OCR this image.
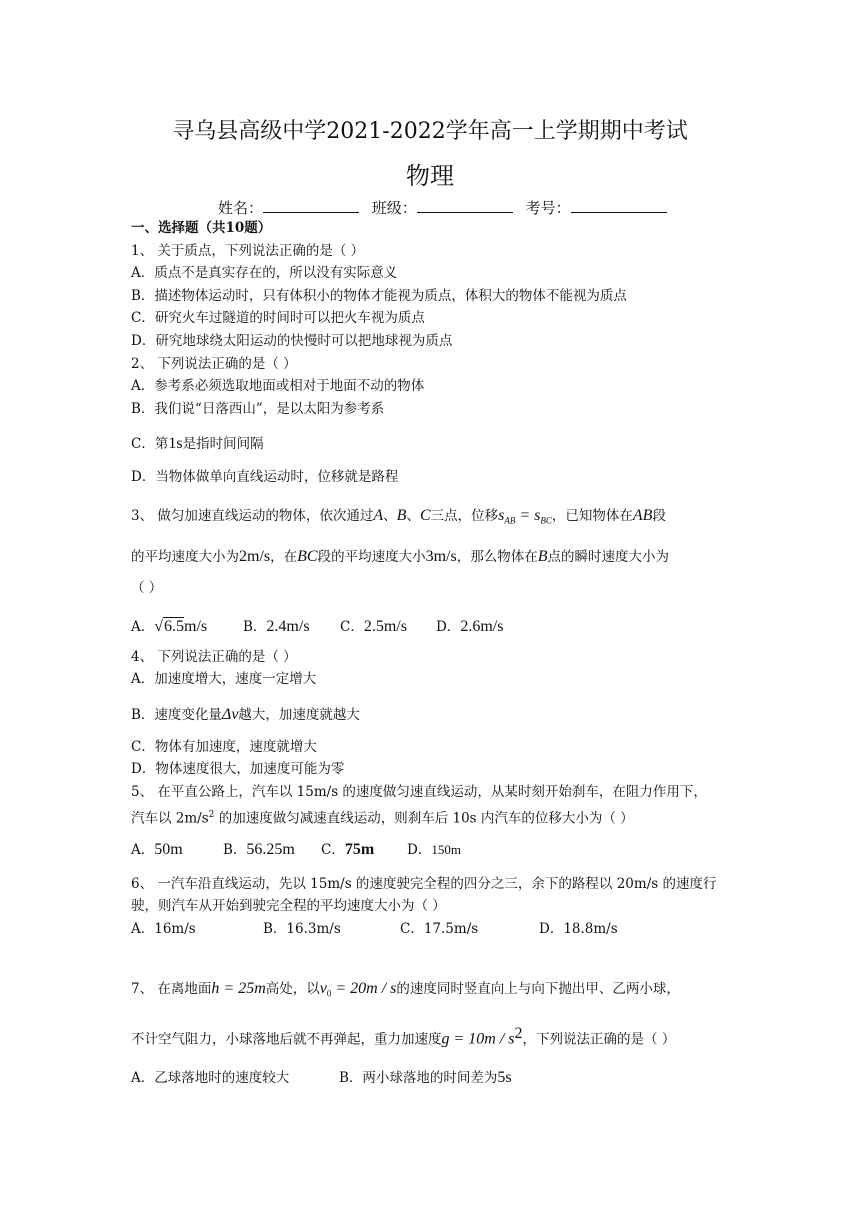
寻乌县高级中学2021-2022学年高一上学期期中考试
物理
姓名：	班级：	考号：
一、选择题（共10题）
1、 关于质点，下列说法正确的是（ ）
A．质点不是真实存在的，所以没有实际意义
B．描述物体运动时，只有体积小的物体才能视为质点，体积大的物体不能视为质点
C．研究火车过隧道的时间时可以把火车视为质点
D．研究地球绕太阳运动的快慢时可以把地球视为质点
2、 下列说法正确的是（ ）
A．参考系必须选取地面或相对于地面不动的物体
B．我们说“日落西山”，是以太阳为参考系
C．第1s是指时间间隔
D．当物体做单向直线运动时，位移就是路程
3、 做匀加速直线运动的物体，依次通过A、B、C三点，位移$s_{AB} = s_{BC}$，已知物体在AB段
的平均速度大小为2m/s，在BC段的平均速度大小3m/s，那么物体在B点的瞬时速度大小为
（ ）
A．√6.5m/s	B．2.4m/s C．2.5m/s D．2.6m/s
4、 下列说法正确的是（ ）
A．加速度增大，速度一定增大
B．速度变化量Δv越大，加速度就越大
C．物体有加速度，速度就增大
D．物体速度很大，加速度可能为零
5、 在平直公路上，汽车以 15m/s 的速度做匀速直线运动，从某时刻开始刹车，在阻力作用下，
汽车以 $2m/s^2$ 的加速度做匀减速直线运动，则刹车后 10s 内汽车的位移大小为（ ）
A．50m	B．56.25m C．75m D．150m
6、 一汽车沿直线运动，先以 15m/s 的速度驶完全程的四分之三，余下的路程以 20m/s 的速度行
驶，则汽车从开始到驶完全程的平均速度大小为（ ）
A．16m/s	B．16.3m/s	C．17.5m/s	D．18.8m/s
7、 在离地面h = 25m高处，以$v_0 = 20m / s$的速度同时竖直向上与向下抛出甲、乙两小球，
不计空气阻力，小球落地后就不再弹起，重力加速度$g = 10m / s^2$，下列说法正确的是（ ）
A．乙球落地时的速度较大	B．两小球落地的时间差为5s
